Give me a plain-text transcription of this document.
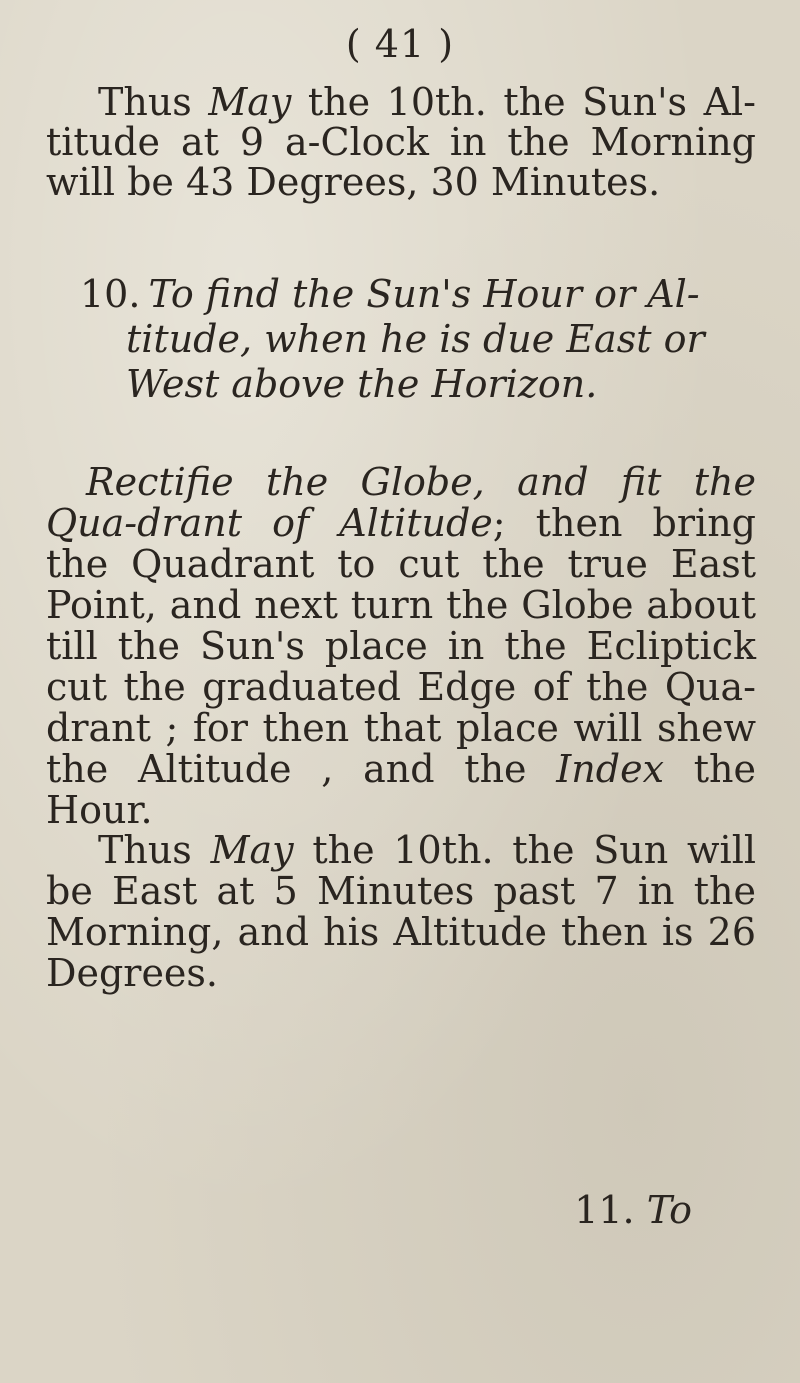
( 41 )
Thus May the 10th. the Sun's Al-titude at 9 a-Clock in the Morning will be 43 Degrees, 30 Minutes.
10. To find the Sun's Hour or Al-
titude, when he is due East or West above the Horizon.
Rectifie the Globe, and fit the Qua-drant of Altitude; then bring the Quadrant to cut the true East Point, and next turn the Globe about till the Sun's place in the Ecliptick cut the graduated Edge of the Qua-drant ; for then that place will shew the Altitude , and the Index the Hour.
Thus May the 10th. the Sun will be East at 5 Minutes past 7 in the Morning, and his Altitude then is 26 Degrees.
11. To
